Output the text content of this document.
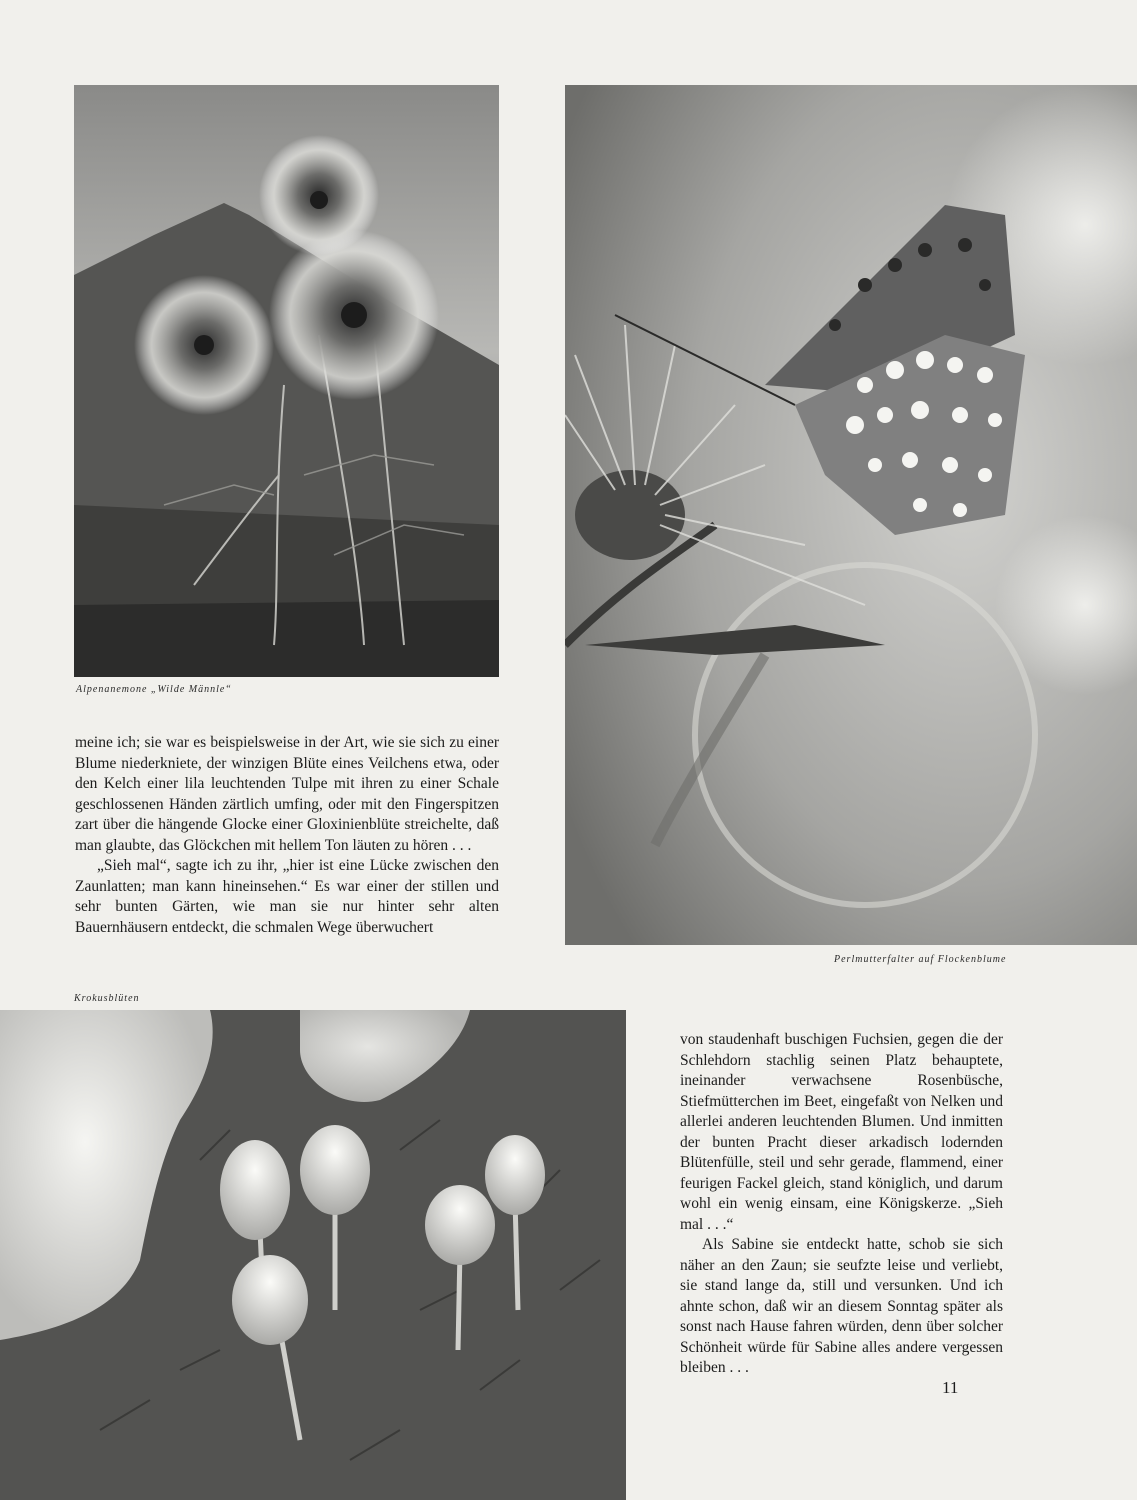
Alpenanemone „Wilde Männle“
Perlmutterfalter auf Flockenblume

meine ich; sie war es beispielsweise in der Art, wie sie sich zu einer Blume niederkniete, der winzigen Blüte eines Veilchens etwa, oder den Kelch einer lila leuchtenden Tulpe mit ihren zu einer Schale geschlossenen Händen zärtlich umfing, oder mit den Fingerspitzen zart über die hängende Glocke einer Gloxinienblüte streichelte, daß man glaubte, das Glöckchen mit hellem Ton läuten zu hören . . .

„Sieh mal“, sagte ich zu ihr, „hier ist eine Lücke zwischen den Zaunlatten; man kann hineinsehen.“ Es war einer der stillen und sehr bunten Gärten, wie man sie nur hinter sehr alten Bauernhäusern entdeckt, die schmalen Wege überwuchert

Krokusblüten

von staudenhaft buschigen Fuchsien, gegen die der Schlehdorn stachlig seinen Platz behauptete, ineinander verwachsene Rosenbüsche, Stiefmütterchen im Beet, eingefaßt von Nelken und allerlei anderen leuchtenden Blumen. Und inmitten der bunten Pracht dieser arkadisch lodernden Blütenfülle, steil und sehr gerade, flammend, einer feurigen Fackel gleich, stand königlich, und darum wohl ein wenig einsam, eine Königskerze. „Sieh mal . . .“

Als Sabine sie entdeckt hatte, schob sie sich näher an den Zaun; sie seufzte leise und verliebt, sie stand lange da, still und versunken. Und ich ahnte schon, daß wir an diesem Sonntag später als sonst nach Hause fahren würden, denn über solcher Schönheit würde für Sabine alles andere vergessen bleiben . . .

11
